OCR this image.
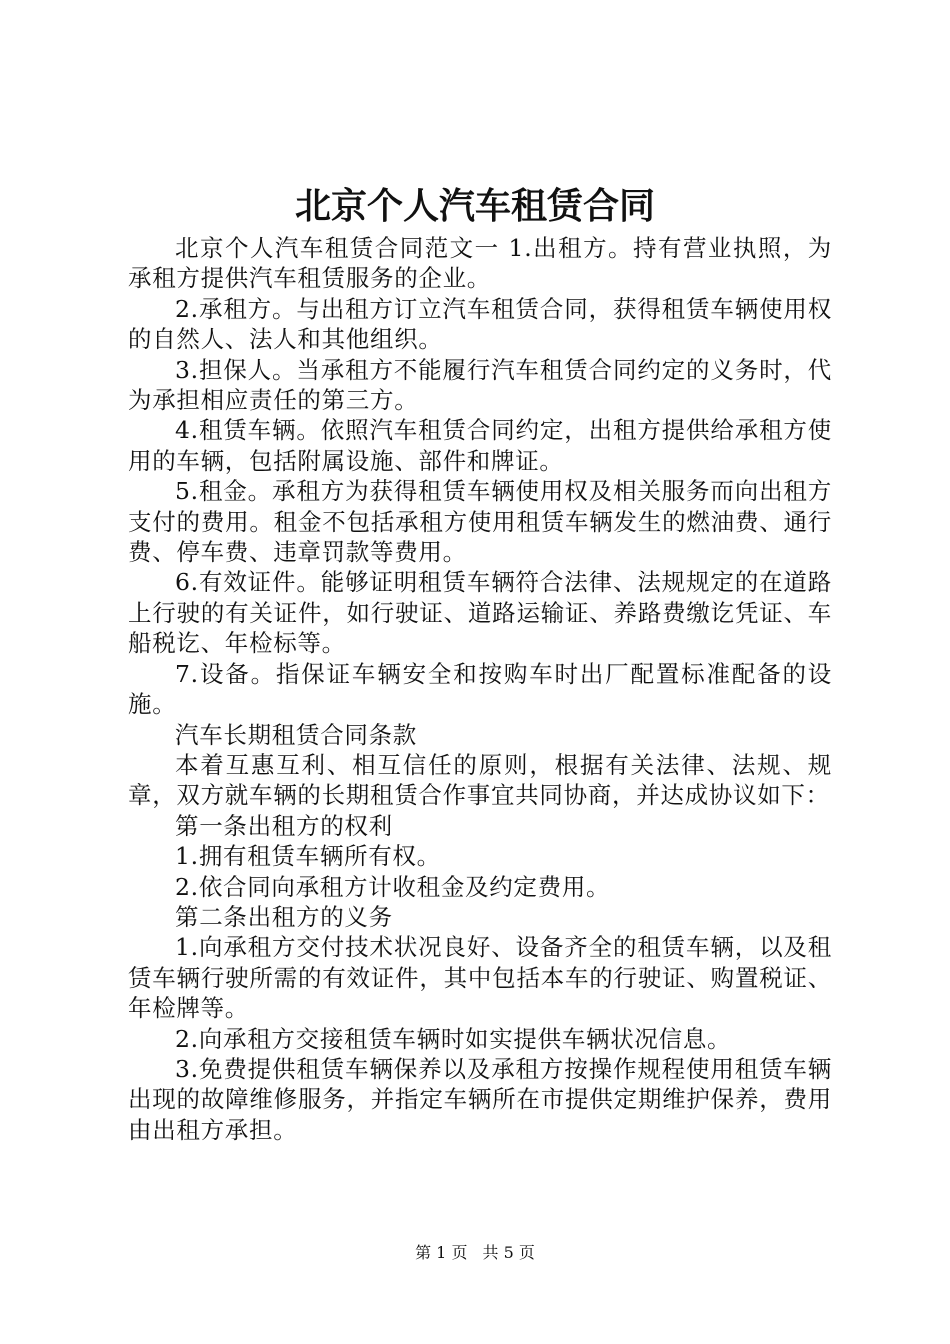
北京个人汽车租赁合同

北京个人汽车租赁合同范文一 1.出租方。持有营业执照，为承租方提供汽车租赁服务的企业。

2.承租方。与出租方订立汽车租赁合同，获得租赁车辆使用权的自然人、法人和其他组织。

3.担保人。当承租方不能履行汽车租赁合同约定的义务时，代为承担相应责任的第三方。

4.租赁车辆。依照汽车租赁合同约定，出租方提供给承租方使用的车辆，包括附属设施、部件和牌证。

5.租金。承租方为获得租赁车辆使用权及相关服务而向出租方支付的费用。租金不包括承租方使用租赁车辆发生的燃油费、通行费、停车费、违章罚款等费用。

6.有效证件。能够证明租赁车辆符合法律、法规规定的在道路上行驶的有关证件，如行驶证、道路运输证、养路费缴讫凭证、车船税讫、年检标等。

7.设备。指保证车辆安全和按购车时出厂配置标准配备的设施。

汽车长期租赁合同条款

本着互惠互利、相互信任的原则，根据有关法律、法规、规章，双方就车辆的长期租赁合作事宜共同协商，并达成协议如下：

第一条出租方的权利

1.拥有租赁车辆所有权。

2.依合同向承租方计收租金及约定费用。

第二条出租方的义务

1.向承租方交付技术状况良好、设备齐全的租赁车辆，以及租赁车辆行驶所需的有效证件，其中包括本车的行驶证、购置税证、年检牌等。

2.向承租方交接租赁车辆时如实提供车辆状况信息。

3.免费提供租赁车辆保养以及承租方按操作规程使用租赁车辆出现的故障维修服务，并指定车辆所在市提供定期维护保养，费用由出租方承担。

第 1 页 共 5 页
